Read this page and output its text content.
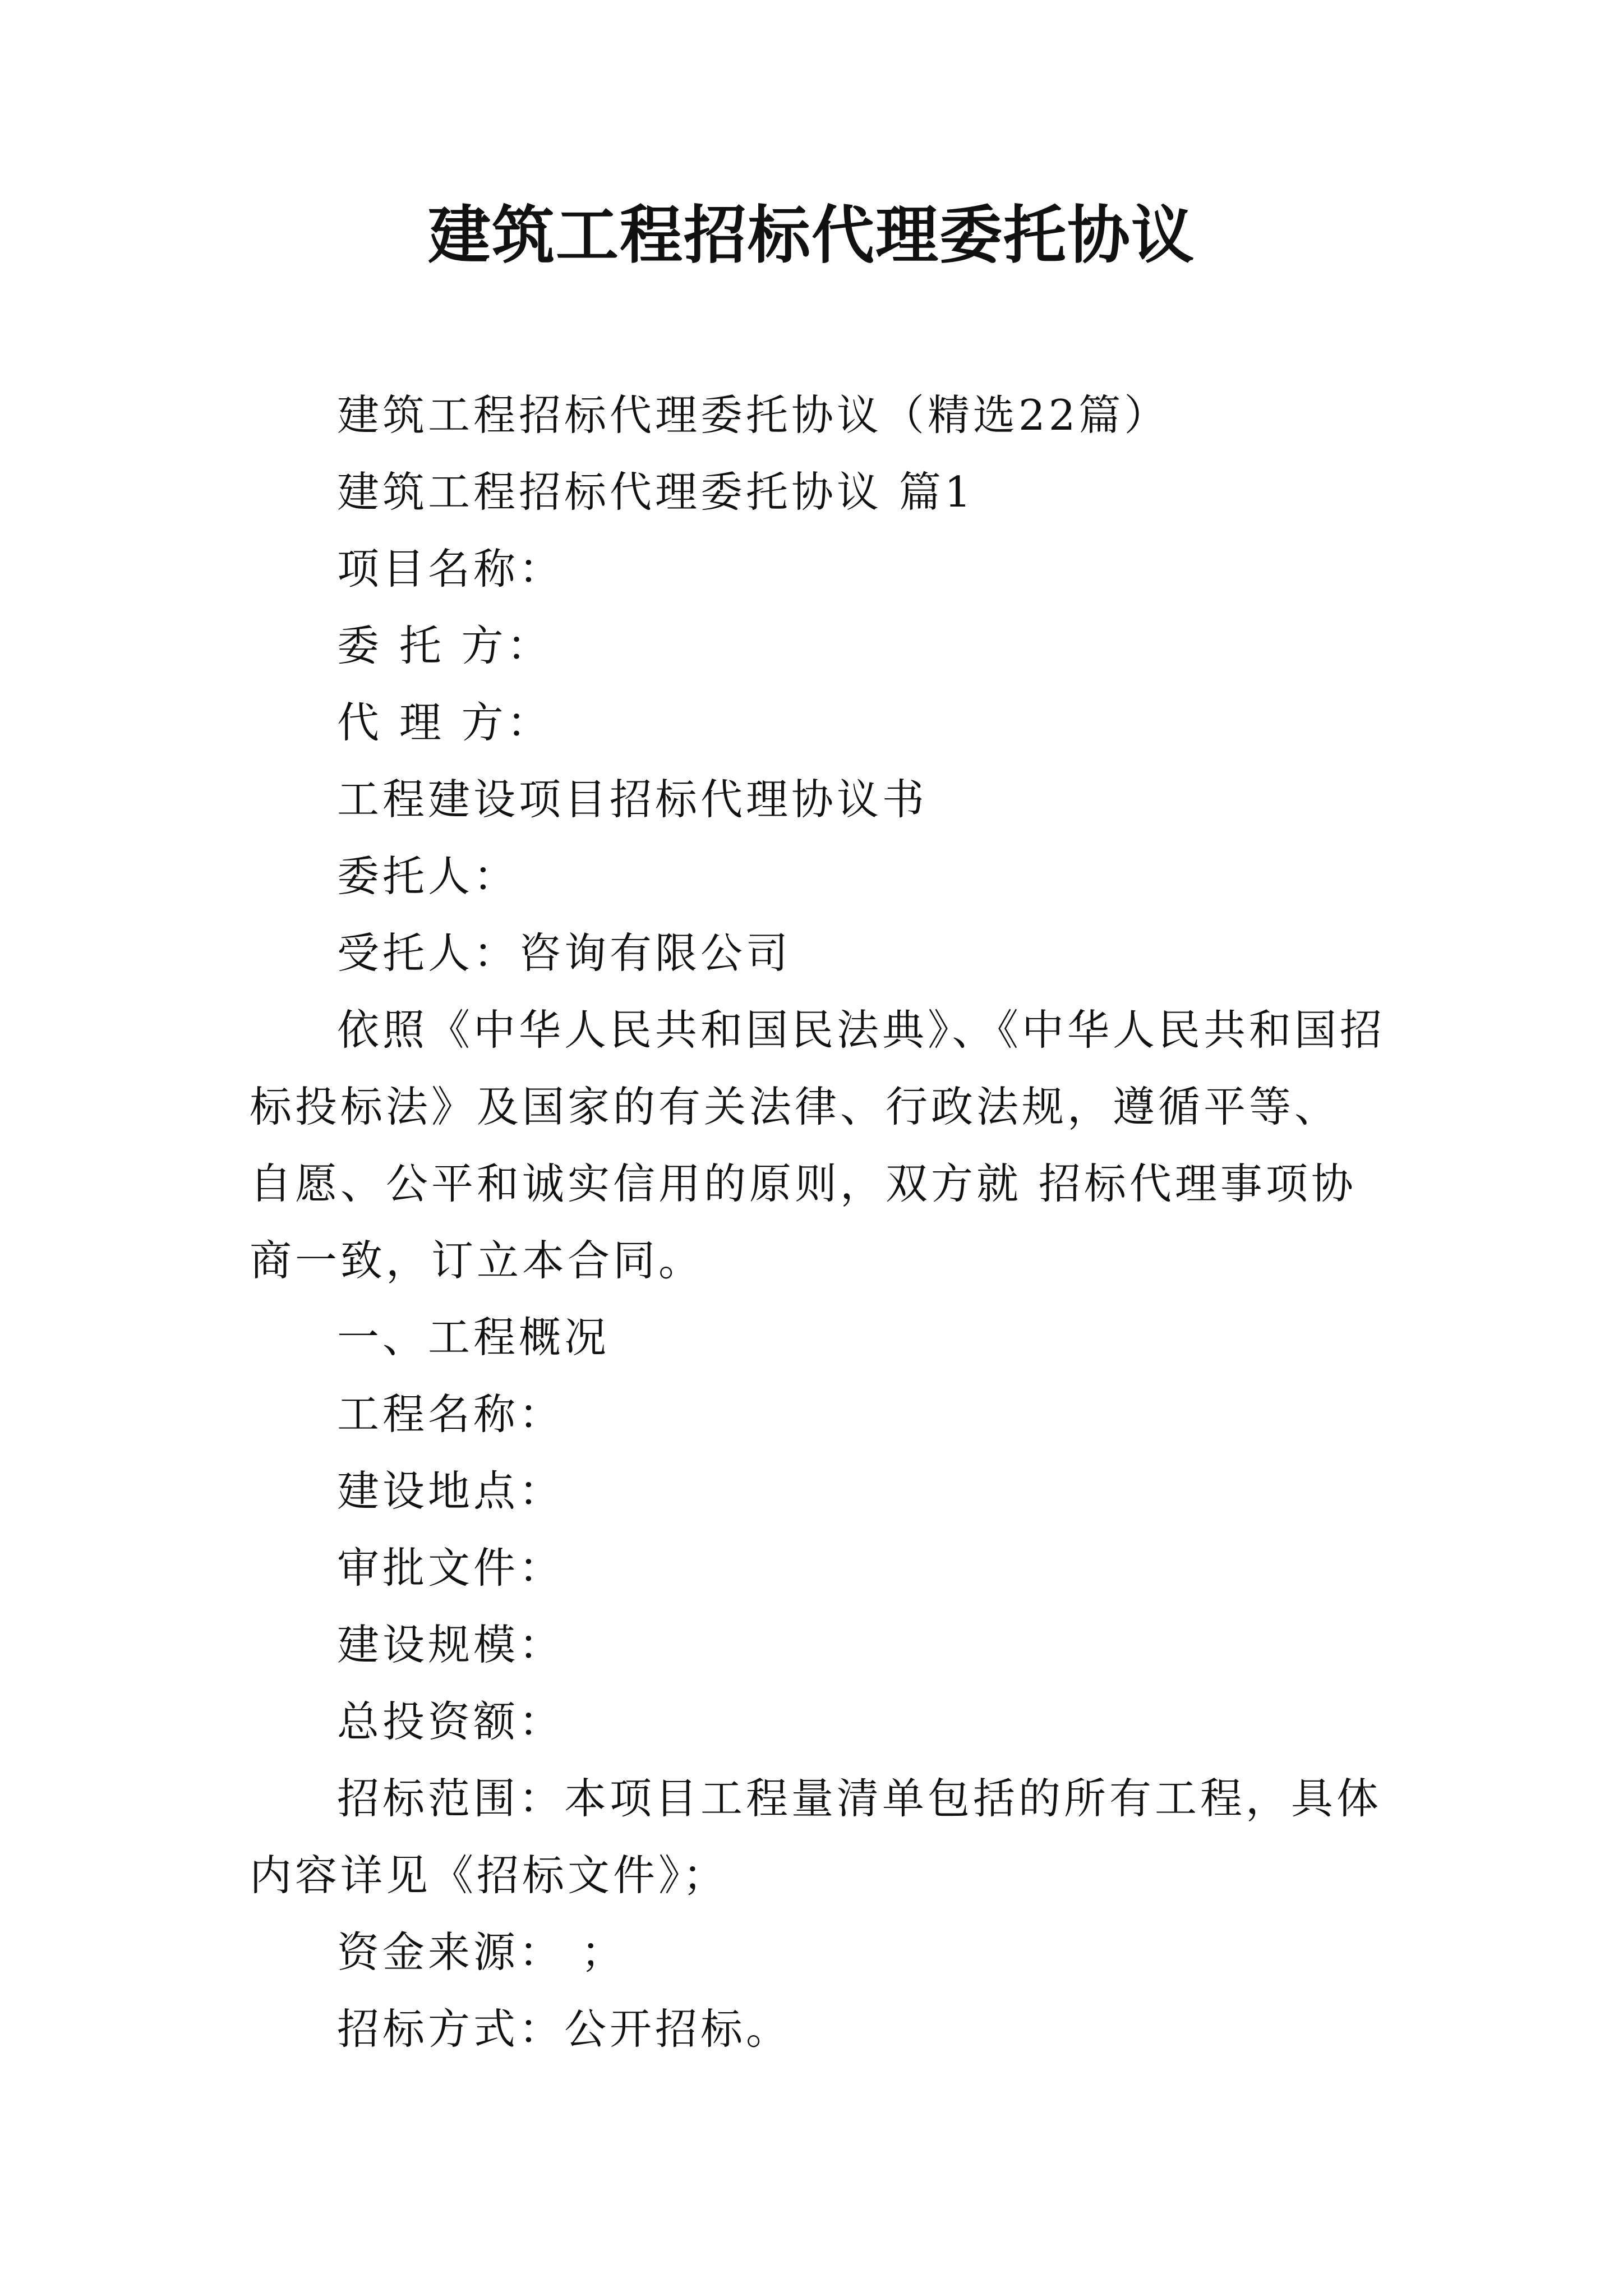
建筑工程招标代理委托协议

建筑工程招标代理委托协议（精选22篇）

建筑工程招标代理委托协议 篇1

项目名称：

委 托 方：

代 理 方：

工程建设项目招标代理协议书

委托人：

受托人：咨询有限公司

依照《中华人民共和国民法典》、《中华人民共和国招标投标法》及国家的有关法律、行政法规，遵循平等、 自愿、公平和诚实信用的原则，双方就 招标代理事项协商一致，订立本合同。

一、工程概况

工程名称：

建设地点：

审批文件：

建设规模：

总投资额：

招标范围：本项目工程量清单包括的所有工程，具体内容详见《招标文件》；

资金来源： ；

招标方式：公开招标。
